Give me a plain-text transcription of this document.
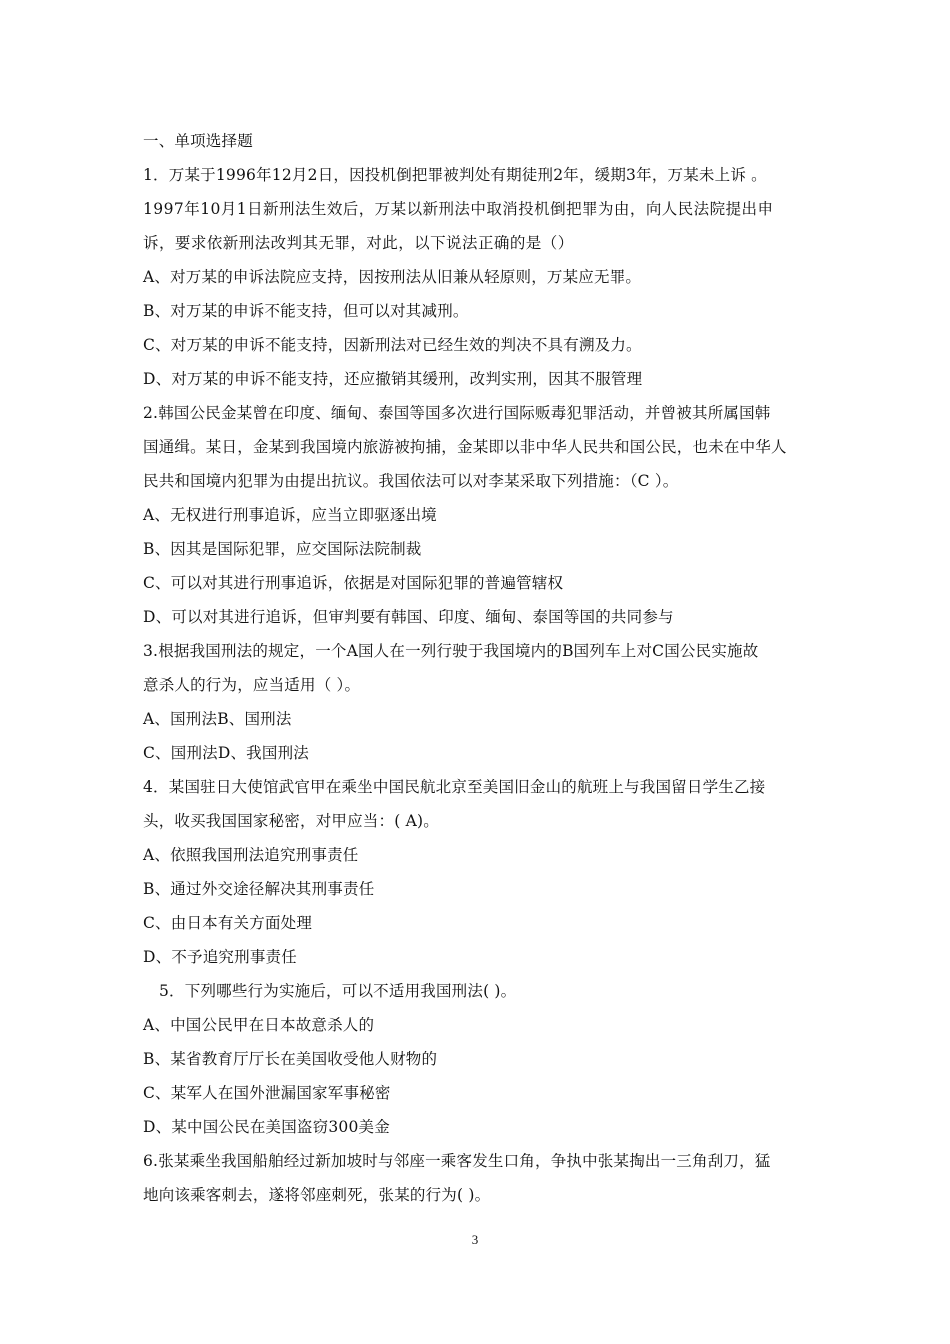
一、单项选择题
1．万某于1996年12月2日，因投机倒把罪被判处有期徒刑2年，缓期3年，万某未上诉 。
1997年10月1日新刑法生效后，万某以新刑法中取消投机倒把罪为由，向人民法院提出申
诉，要求依新刑法改判其无罪，对此，以下说法正确的是（）
A、对万某的申诉法院应支持，因按刑法从旧兼从轻原则，万某应无罪。
B、对万某的申诉不能支持，但可以对其减刑。
C、对万某的申诉不能支持，因新刑法对已经生效的判决不具有溯及力。
D、对万某的申诉不能支持，还应撤销其缓刑，改判实刑，因其不服管理
2.韩国公民金某曾在印度、缅甸、泰国等国多次进行国际贩毒犯罪活动，并曾被其所属国韩
国通缉。某日，金某到我国境内旅游被拘捕，金某即以非中华人民共和国公民，也未在中华人
民共和国境内犯罪为由提出抗议。我国依法可以对李某采取下列措施：（C ）。
A、无权进行刑事追诉，应当立即驱逐出境
B、因其是国际犯罪，应交国际法院制裁
C、可以对其进行刑事追诉，依据是对国际犯罪的普遍管辖权
D、可以对其进行追诉，但审判要有韩国、印度、缅甸、泰国等国的共同参与
3.根据我国刑法的规定，一个A国人在一列行驶于我国境内的B国列车上对C国公民实施故
意杀人的行为，应当适用（ ）。
A、国刑法B、国刑法
C、国刑法D、我国刑法
4．某国驻日大使馆武官甲在乘坐中国民航北京至美国旧金山的航班上与我国留日学生乙接
头，收买我国国家秘密，对甲应当：( A)。
A、依照我国刑法追究刑事责任
B、通过外交途径解决其刑事责任
C、由日本有关方面处理
D、不予追究刑事责任
5．下列哪些行为实施后，可以不适用我国刑法( )。
A、中国公民甲在日本故意杀人的
B、某省教育厅厅长在美国收受他人财物的
C、某军人在国外泄漏国家军事秘密
D、某中国公民在美国盗窃300美金
6.张某乘坐我国船舶经过新加坡时与邻座一乘客发生口角，争执中张某掏出一三角刮刀，猛
地向该乘客刺去，遂将邻座刺死，张某的行为( )。
3
